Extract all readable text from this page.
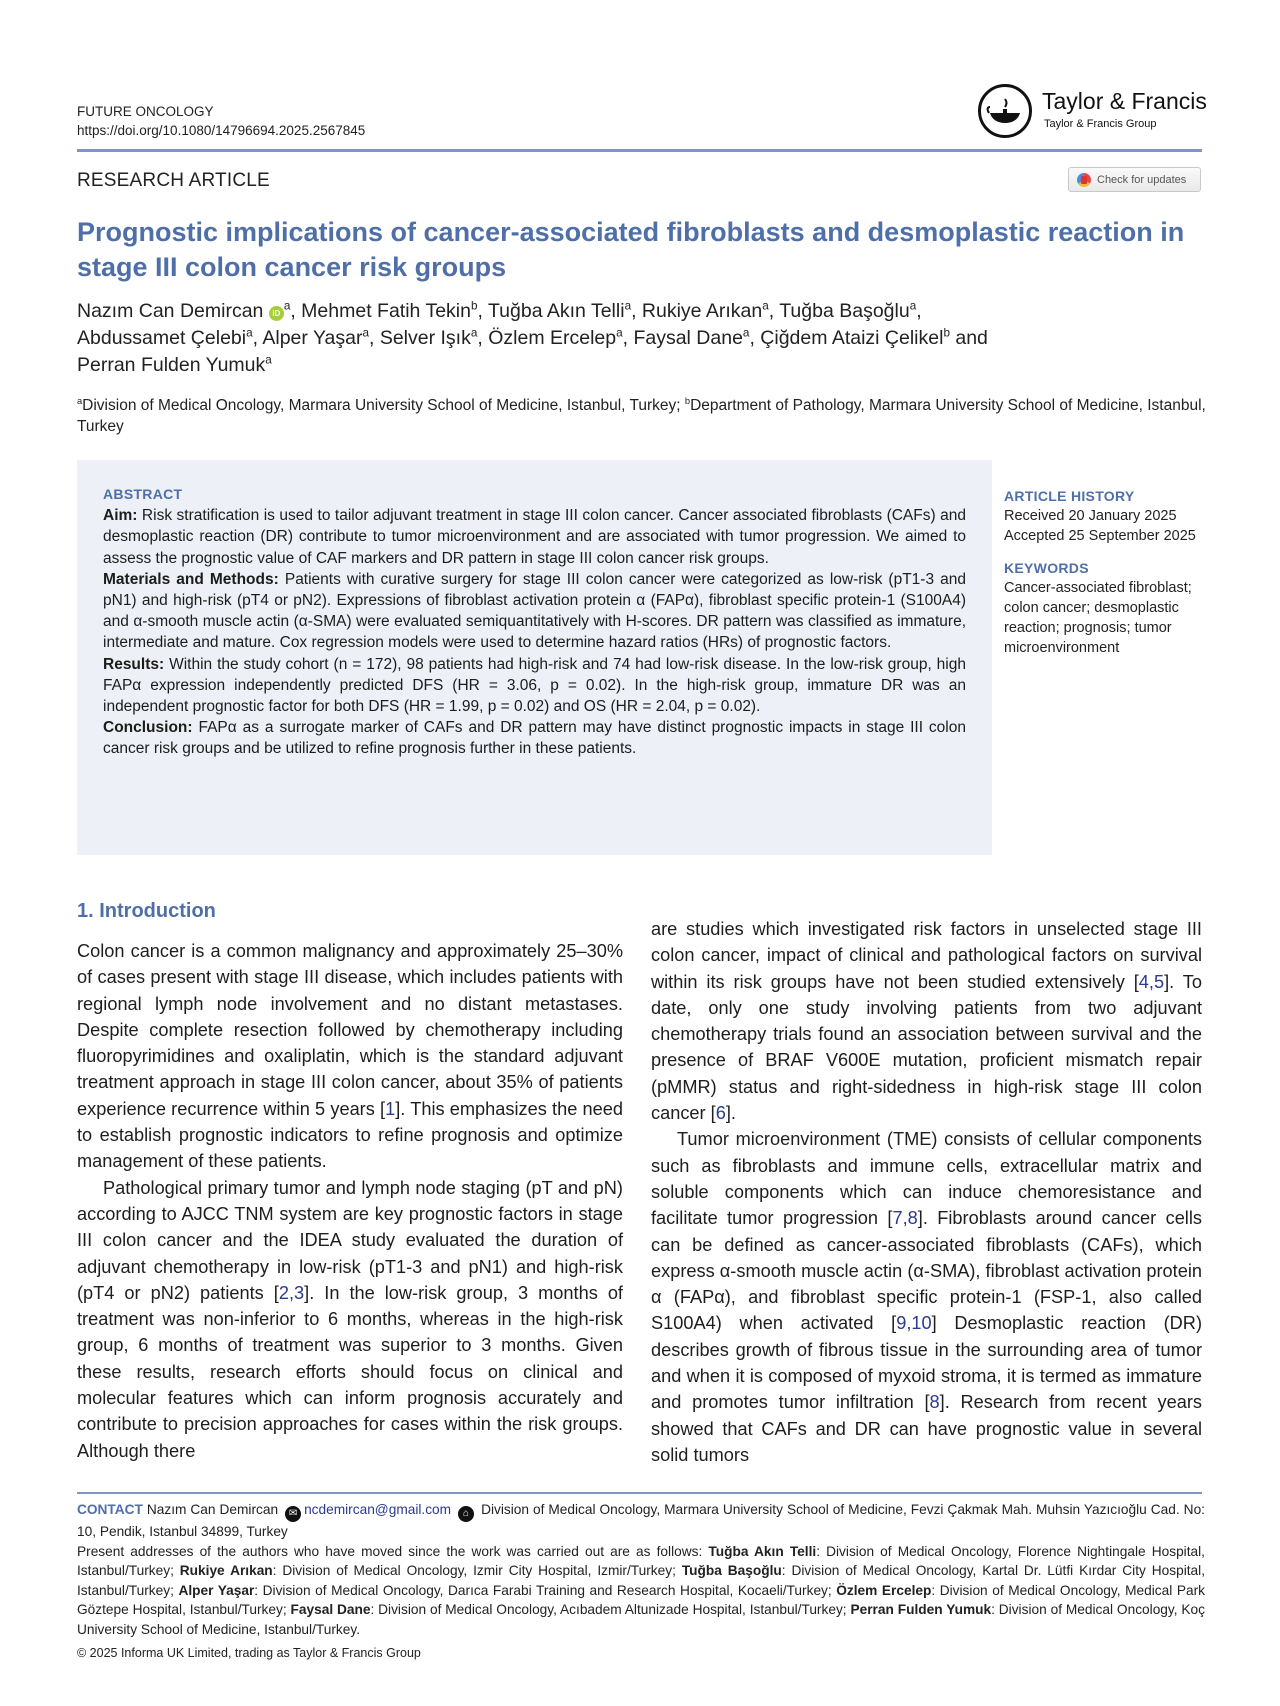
FUTURE ONCOLOGY
https://doi.org/10.1080/14796694.2025.2567845
Taylor & Francis
Taylor & Francis Group
RESEARCH ARTICLE	Check for updates
Prognostic implications of cancer-associated fibroblasts and desmoplastic reaction in stage III colon cancer risk groups
Nazım Can Demircan $iD^a$, Mehmet Fatih Tekin$^b$, Tuğba Akın Telli$^a$, Rukiye Arıkan$^a$, Tuğba Başoğlu$^a$,
Abdussamet Çelebi$^a$, Alper Yaşar$^a$, Selver Işık$^a$, Özlem Ercelep$^a$, Faysal Dane$^a$, Çiğdem Ataizi Çelikel$^b$ and
Perran Fulden Yumuk$^a$
$^a$Division of Medical Oncology, Marmara University School of Medicine, Istanbul, Turkey; $^b$Department of Pathology, Marmara University School of Medicine, Istanbul, Turkey
ABSTRACT
Aim: Risk stratification is used to tailor adjuvant treatment in stage III colon cancer. Cancer associated fibroblasts (CAFs) and desmoplastic reaction (DR) contribute to tumor microenvironment and are associated with tumor progression. We aimed to assess the prognostic value of CAF markers and DR pattern in stage III colon cancer risk groups.
Materials and Methods: Patients with curative surgery for stage III colon cancer were categorized as low-risk (pT1-3 and pN1) and high-risk (pT4 or pN2). Expressions of fibroblast activation protein α (FAPα), fibroblast specific protein-1 (S100A4) and α-smooth muscle actin (α-SMA) were evaluated semiquantitatively with H-scores. DR pattern was classified as immature, intermediate and mature. Cox regression models were used to determine hazard ratios (HRs) of prognostic factors.
Results: Within the study cohort (n = 172), 98 patients had high-risk and 74 had low-risk disease. In the low-risk group, high FAPα expression independently predicted DFS (HR = 3.06, p = 0.02). In the high-risk group, immature DR was an independent prognostic factor for both DFS (HR = 1.99, p = 0.02) and OS (HR = 2.04, p = 0.02).
Conclusion: FAPα as a surrogate marker of CAFs and DR pattern may have distinct prognostic impacts in stage III colon cancer risk groups and be utilized to refine prognosis further in these patients.
ARTICLE HISTORY
Received 20 January 2025
Accepted 25 September 2025
KEYWORDS
Cancer-associated fibroblast; colon cancer; desmoplastic reaction; prognosis; tumor microenvironment
1. Introduction

Colon cancer is a common malignancy and approximately 25–30% of cases present with stage III disease, which includes patients with regional lymph node involvement and no distant metastases. Despite complete resection followed by chemotherapy including fluoropyrimidines and oxaliplatin, which is the standard adjuvant treatment approach in stage III colon cancer, about 35% of patients experience recurrence within 5 years [1]. This emphasizes the need to establish prognostic indicators to refine prognosis and optimize management of these patients.

Pathological primary tumor and lymph node staging (pT and pN) according to AJCC TNM system are key prognostic factors in stage III colon cancer and the IDEA study evaluated the duration of adjuvant chemotherapy in low-risk (pT1-3 and pN1) and high-risk (pT4 or pN2) patients [2,3]. In the low-risk group, 3 months of treatment was non-inferior to 6 months, whereas in the high-risk group, 6 months of treatment was superior to 3 months. Given these results, research efforts should focus on clinical and molecular features which can inform prognosis accurately and contribute to precision approaches for cases within the risk groups. Although there

are studies which investigated risk factors in unselected stage III colon cancer, impact of clinical and pathological factors on survival within its risk groups have not been studied extensively [4,5]. To date, only one study involving patients from two adjuvant chemotherapy trials found an association between survival and the presence of BRAF V600E mutation, proficient mismatch repair (pMMR) status and right-sidedness in high-risk stage III colon cancer [6].

Tumor microenvironment (TME) consists of cellular components such as fibroblasts and immune cells, extracellular matrix and soluble components which can induce chemoresistance and facilitate tumor progression [7,8]. Fibroblasts around cancer cells can be defined as cancer-associated fibroblasts (CAFs), which express α-smooth muscle actin (α-SMA), fibroblast activation protein α (FAPα), and fibroblast specific protein-1 (FSP-1, also called S100A4) when activated [9,10] Desmoplastic reaction (DR) describes growth of fibrous tissue in the surrounding area of tumor and when it is composed of myxoid stroma, it is termed as immature and promotes tumor infiltration [8]. Research from recent years showed that CAFs and DR can have prognostic value in several solid tumors

CONTACT Nazım Can Demircan ✉ ncdemircan@gmail.com ⌂ Division of Medical Oncology, Marmara University School of Medicine, Fevzi Çakmak Mah. Muhsin Yazıcıoğlu Cad. No: 10, Pendik, Istanbul 34899, Turkey
Present addresses of the authors who have moved since the work was carried out are as follows: Tuğba Akın Telli: Division of Medical Oncology, Florence Nightingale Hospital, Istanbul/Turkey; Rukiye Arıkan: Division of Medical Oncology, Izmir City Hospital, Izmir/Turkey; Tuğba Başoğlu: Division of Medical Oncology, Kartal Dr. Lütfi Kırdar City Hospital, Istanbul/Turkey; Alper Yaşar: Division of Medical Oncology, Darıca Farabi Training and Research Hospital, Kocaeli/Turkey; Özlem Ercelep: Division of Medical Oncology, Medical Park Göztepe Hospital, Istanbul/Turkey; Faysal Dane: Division of Medical Oncology, Acıbadem Altunizade Hospital, Istanbul/Turkey; Perran Fulden Yumuk: Division of Medical Oncology, Koç University School of Medicine, Istanbul/Turkey.
© 2025 Informa UK Limited, trading as Taylor & Francis Group
